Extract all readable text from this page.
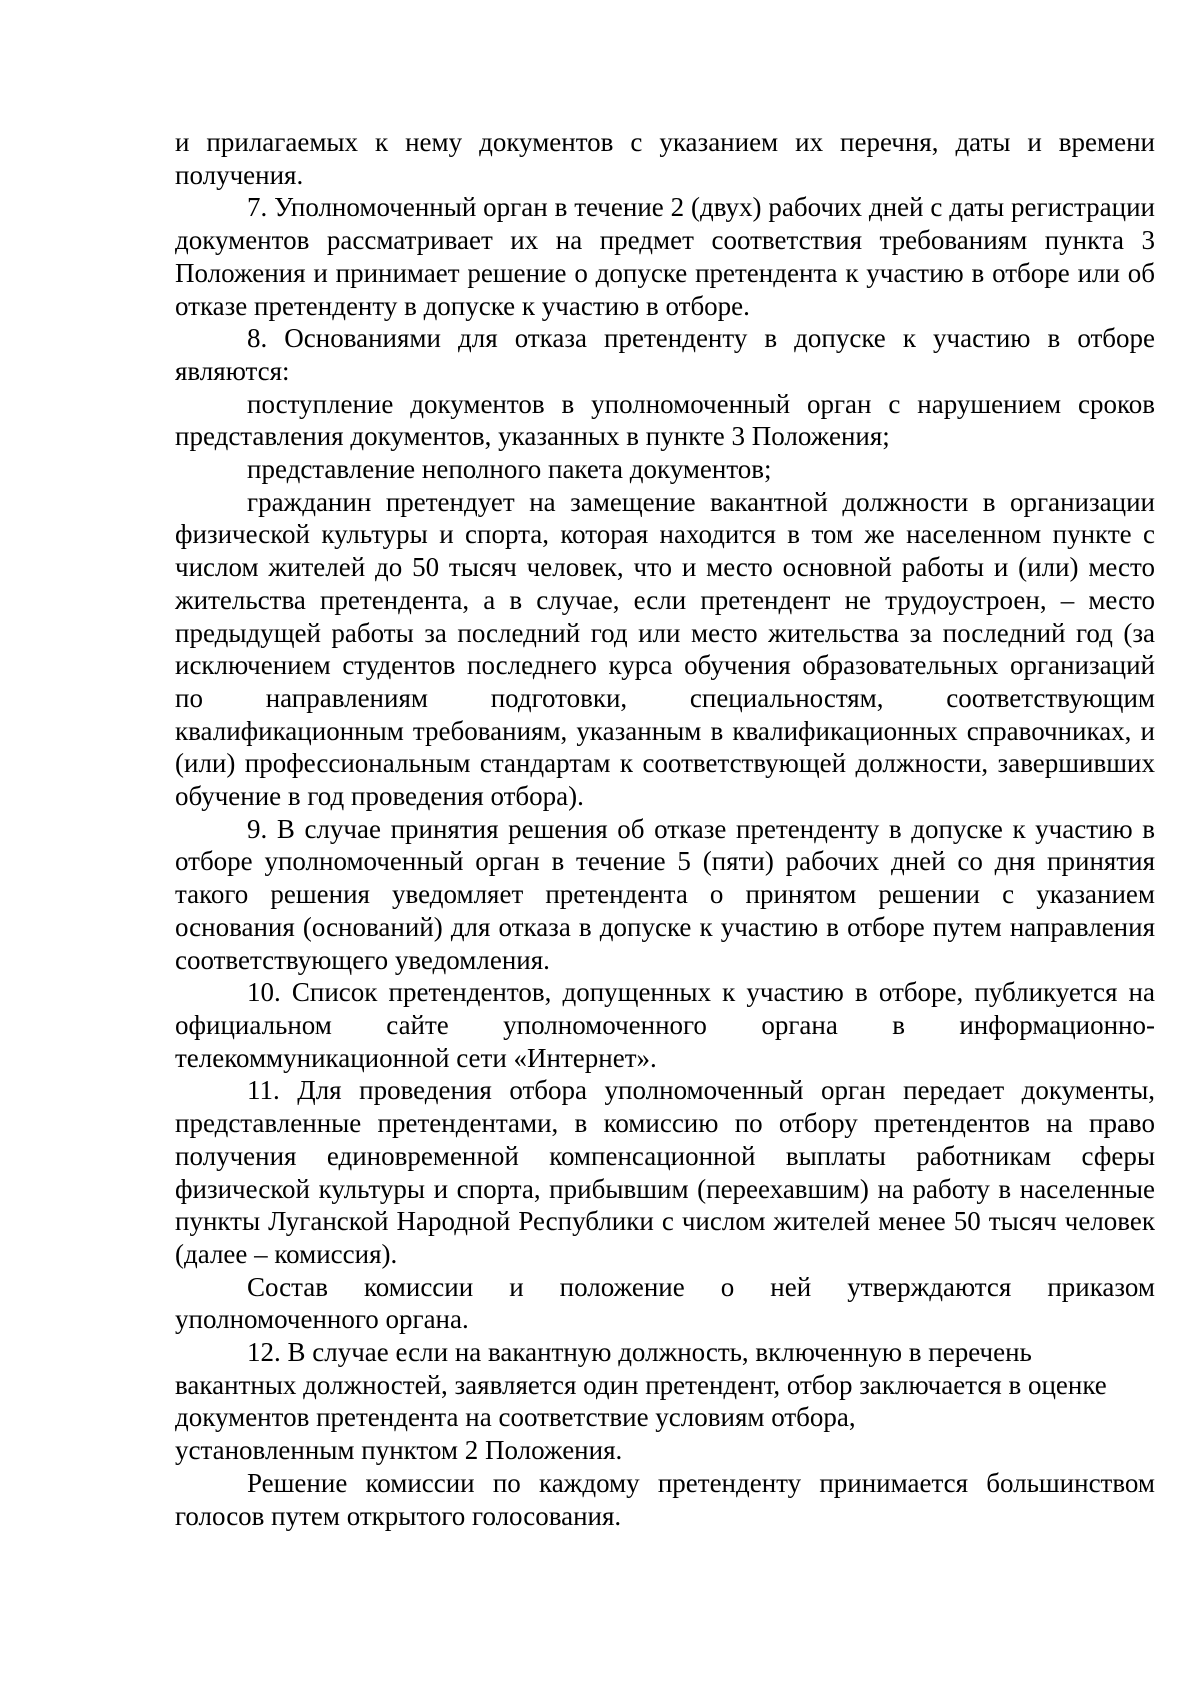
и прилагаемых к нему документов с указанием их перечня, даты и времени получения.

7. Уполномоченный орган в течение 2 (двух) рабочих дней с даты регистрации документов рассматривает их на предмет соответствия требованиям пункта 3 Положения и принимает решение о допуске претендента к участию в отборе или об отказе претенденту в допуске к участию в отборе.

8. Основаниями для отказа претенденту в допуске к участию в отборе являются:

поступление документов в уполномоченный орган с нарушением сроков представления документов, указанных в пункте 3 Положения;

представление неполного пакета документов;

гражданин претендует на замещение вакантной должности в организации физической культуры и спорта, которая находится в том же населенном пункте с числом жителей до 50 тысяч человек, что и место основной работы и (или) место жительства претендента, а в случае, если претендент не трудоустроен, – место предыдущей работы за последний год или место жительства за последний год (за исключением студентов последнего курса обучения образовательных организаций по направлениям подготовки, специальностям, соответствующим квалификационным требованиям, указанным в квалификационных справочниках, и (или) профессиональным стандартам к соответствующей должности, завершивших обучение в год проведения отбора).

9. В случае принятия решения об отказе претенденту в допуске к участию в отборе уполномоченный орган в течение 5 (пяти) рабочих дней со дня принятия такого решения уведомляет претендента о принятом решении с указанием основания (оснований) для отказа в допуске к участию в отборе путем направления соответствующего уведомления.

10. Список претендентов, допущенных к участию в отборе, публикуется на официальном сайте уполномоченного органа в информационно-телекоммуникационной сети «Интернет».

11. Для проведения отбора уполномоченный орган передает документы, представленные претендентами, в комиссию по отбору претендентов на право получения единовременной компенсационной выплаты работникам сферы физической культуры и спорта, прибывшим (переехавшим) на работу в населенные пункты Луганской Народной Республики с числом жителей менее 50 тысяч человек (далее – комиссия).

Состав комиссии и положение о ней утверждаются приказом уполномоченного органа.

12. В случае если на вакантную должность, включенную в перечень вакантных должностей, заявляется один претендент, отбор заключается в оценке документов претендента на соответствие условиям отбора,

установленным пунктом 2 Положения.

Решение комиссии по каждому претенденту принимается большинством голосов путем открытого голосования.
